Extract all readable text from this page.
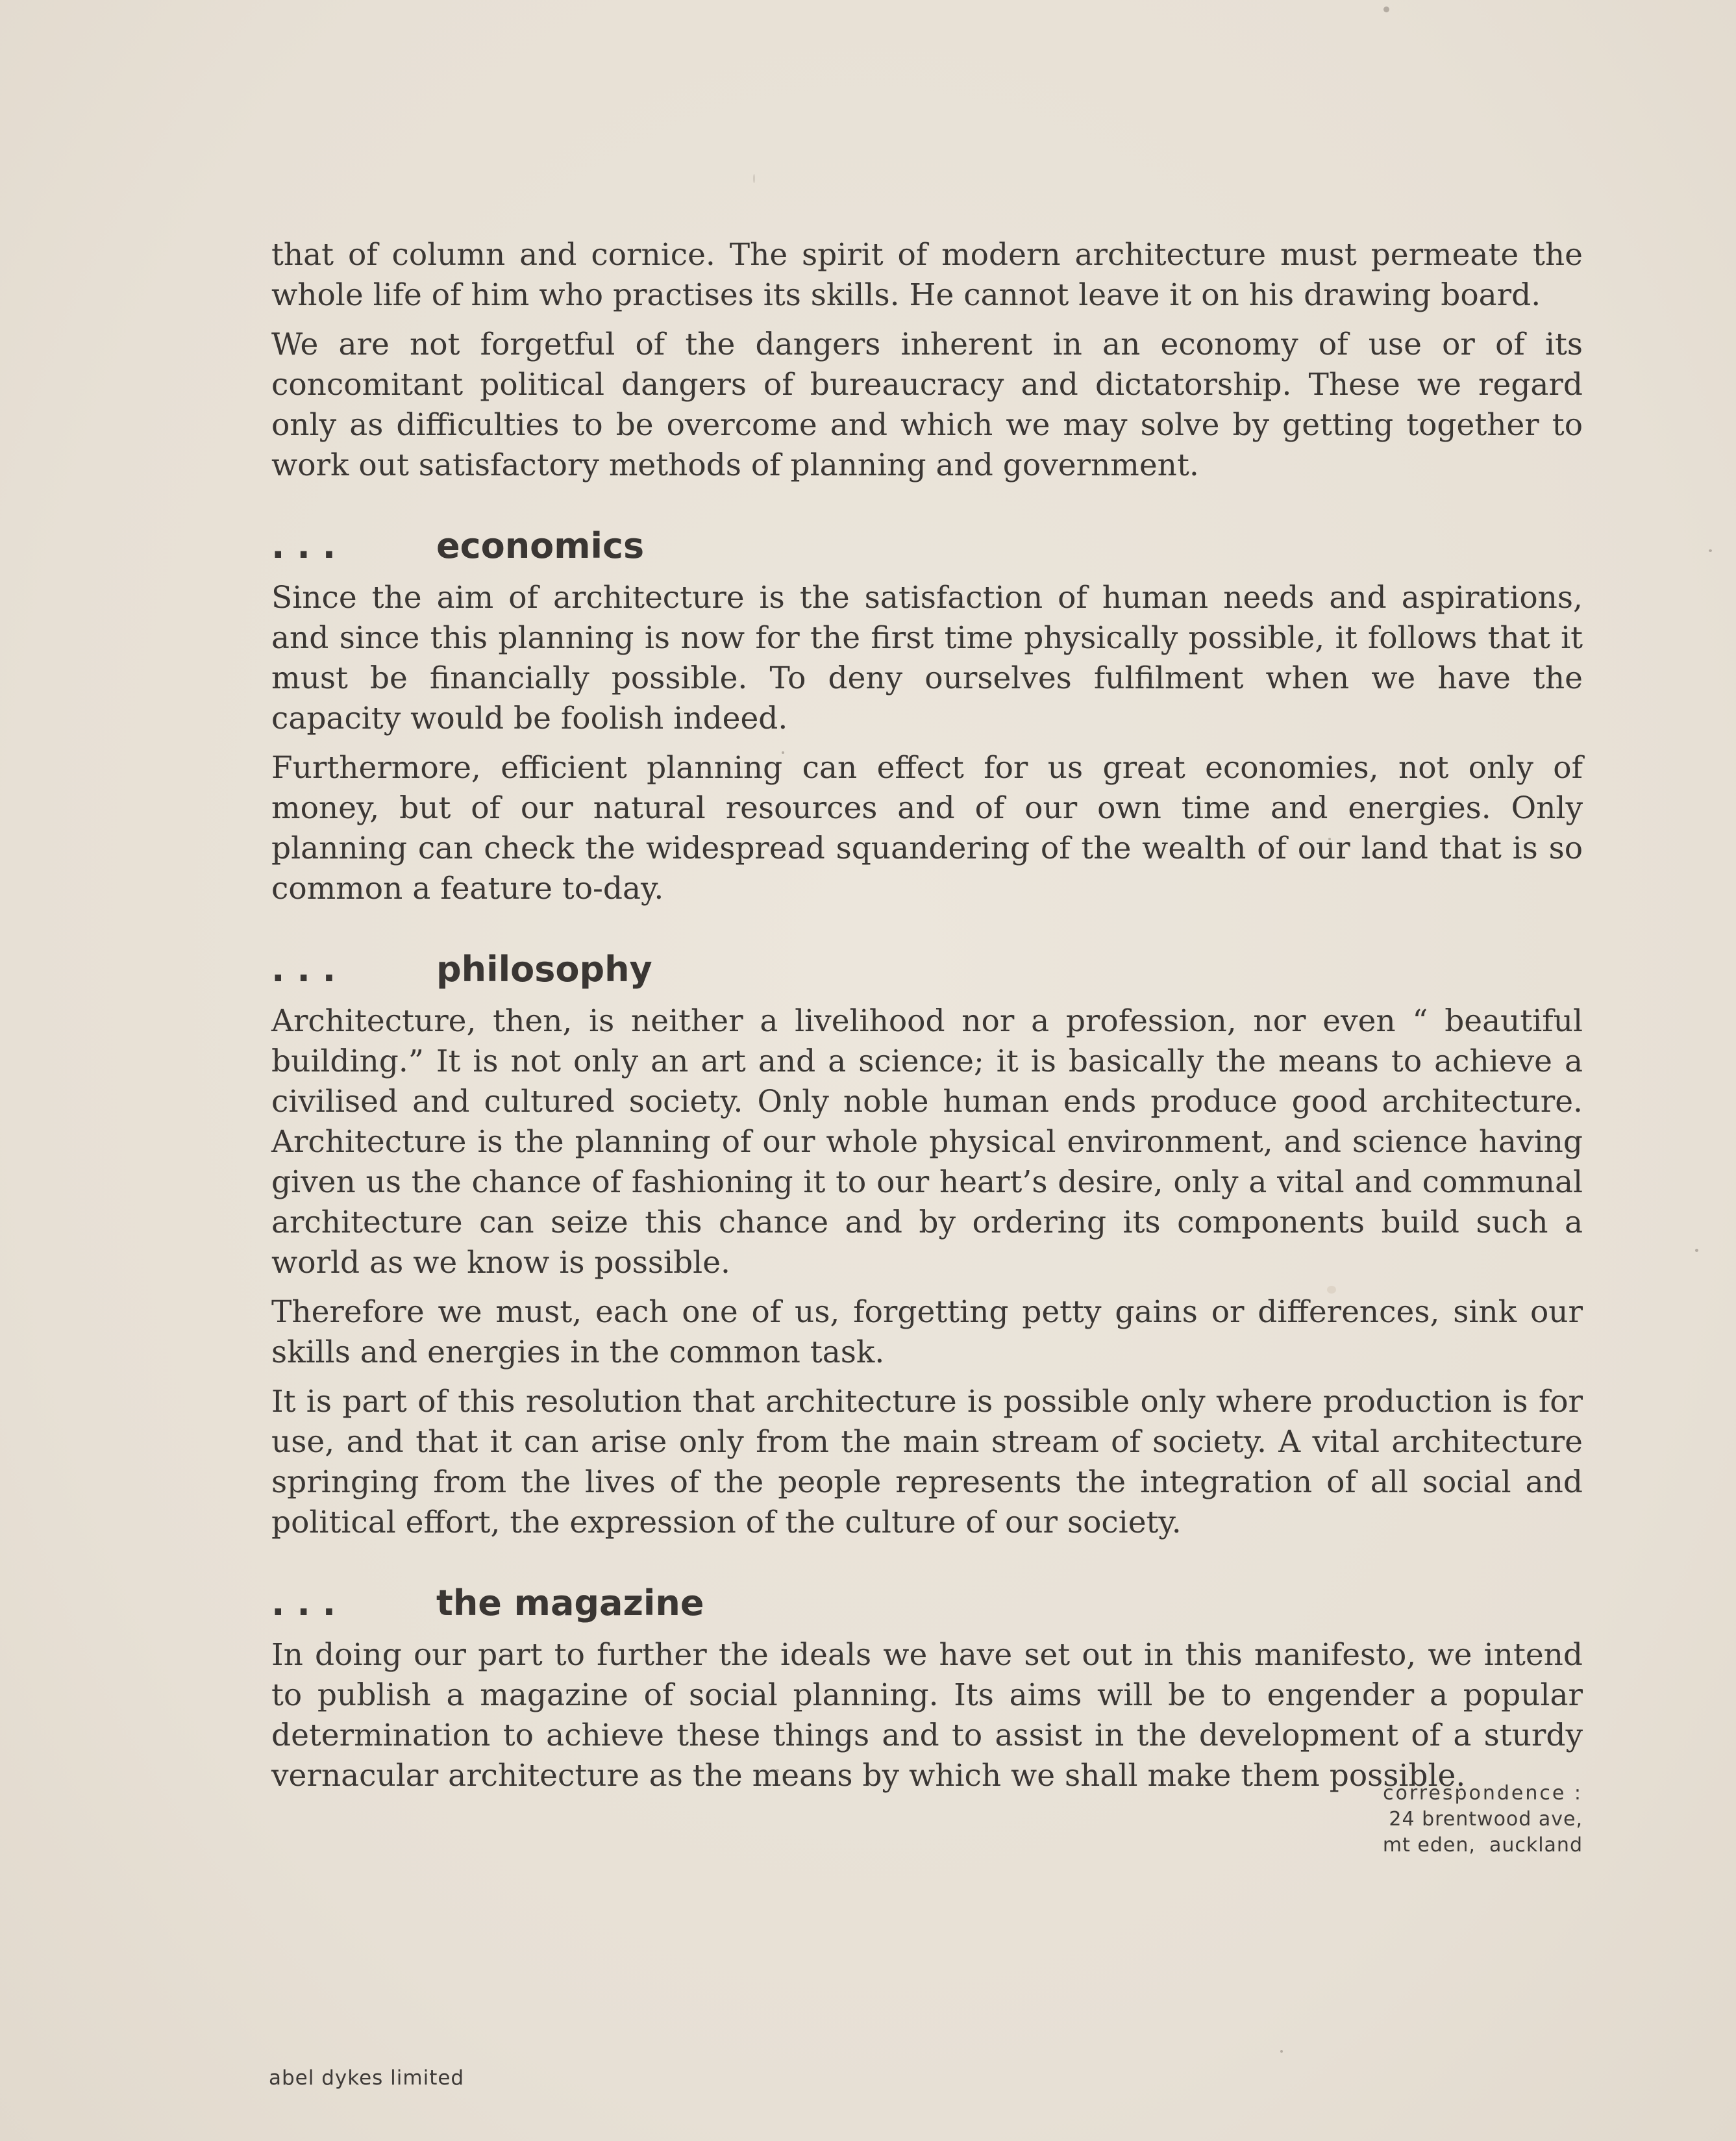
that of column and cornice. The spirit of modern architecture must permeate the whole life of him who practises its skills. He cannot leave it on his drawing board.

We are not forgetful of the dangers inherent in an economy of use or of its concomitant political dangers of bureaucracy and dictatorship. These we regard only as difficulties to be overcome and which we may solve by getting together to work out satisfactory methods of planning and government.

. . .	economics

Since the aim of architecture is the satisfaction of human needs and aspirations, and since this planning is now for the first time physically possible, it follows that it must be financially possible. To deny ourselves fulfilment when we have the capacity would be foolish indeed.

Furthermore, efficient planning can effect for us great economies, not only of money, but of our natural resources and of our own time and energies. Only planning can check the widespread squandering of the wealth of our land that is so common a feature to-day.

. . .	philosophy

Architecture, then, is neither a livelihood nor a profession, nor even “ beautiful building.” It is not only an art and a science; it is basically the means to achieve a civilised and cultured society. Only noble human ends produce good architecture. Architecture is the planning of our whole physical environment, and science having given us the chance of fashioning it to our heart’s desire, only a vital and communal architecture can seize this chance and by ordering its components build such a world as we know is possible.

Therefore we must, each one of us, forgetting petty gains or differences, sink our skills and energies in the common task.

It is part of this resolution that architecture is possible only where production is for use, and that it can arise only from the main stream of society. A vital architecture springing from the lives of the people represents the integration of all social and political effort, the expression of the culture of our society.

. . .	the magazine

In doing our part to further the ideals we have set out in this manifesto, we intend to publish a magazine of social planning. Its aims will be to engender a popular determination to achieve these things and to assist in the development of a sturdy vernacular architecture as the means by which we shall make them possible.

correspondence :
24 brentwood ave,
mt eden,  auckland
abel dykes limited
